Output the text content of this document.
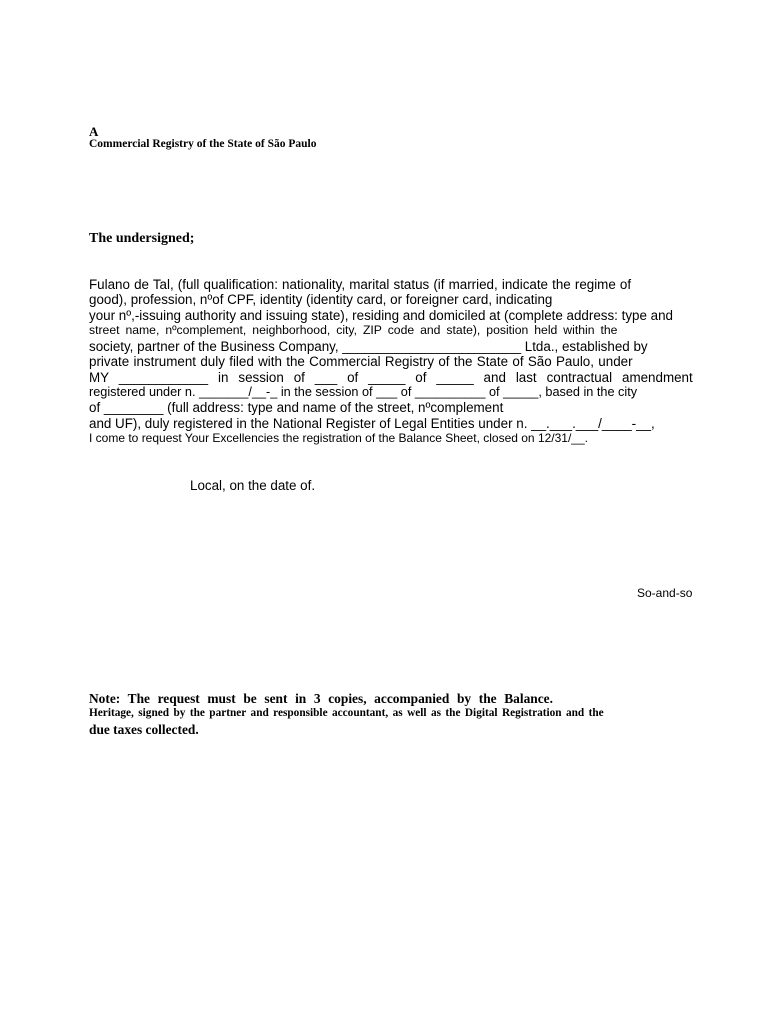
A
Commercial Registry of the State of São Paulo
The undersigned;
Fulano de Tal, (full qualification: nationality, marital status (if married, indicate the regime of
good), profession, nºof CPF, identity (identity card, or foreigner card, indicating
your nº,-issuing authority and issuing state), residing and domiciled at (complete address: type and
street name, nºcomplement, neighborhood, city, ZIP code and state), position held within the
society, partner of the Business Company, ________________________ Ltda., established by
private instrument duly filed with the Commercial Registry of the State of São Paulo, under
MY ____________ in session of ___ of _____ of _____ and last contractual amendment
registered under n. _______/__-_ in the session of ___ of __________ of _____, based in the city
of ________ (full address: type and name of the street, nºcomplement
and UF), duly registered in the National Register of Legal Entities under n. __.___.___/____-__,
I come to request Your Excellencies the registration of the Balance Sheet, closed on 12/31/__.
Local, on the date of.
So-and-so
Note: The request must be sent in 3 copies, accompanied by the Balance.
Heritage, signed by the partner and responsible accountant, as well as the Digital Registration and the
due taxes collected.
